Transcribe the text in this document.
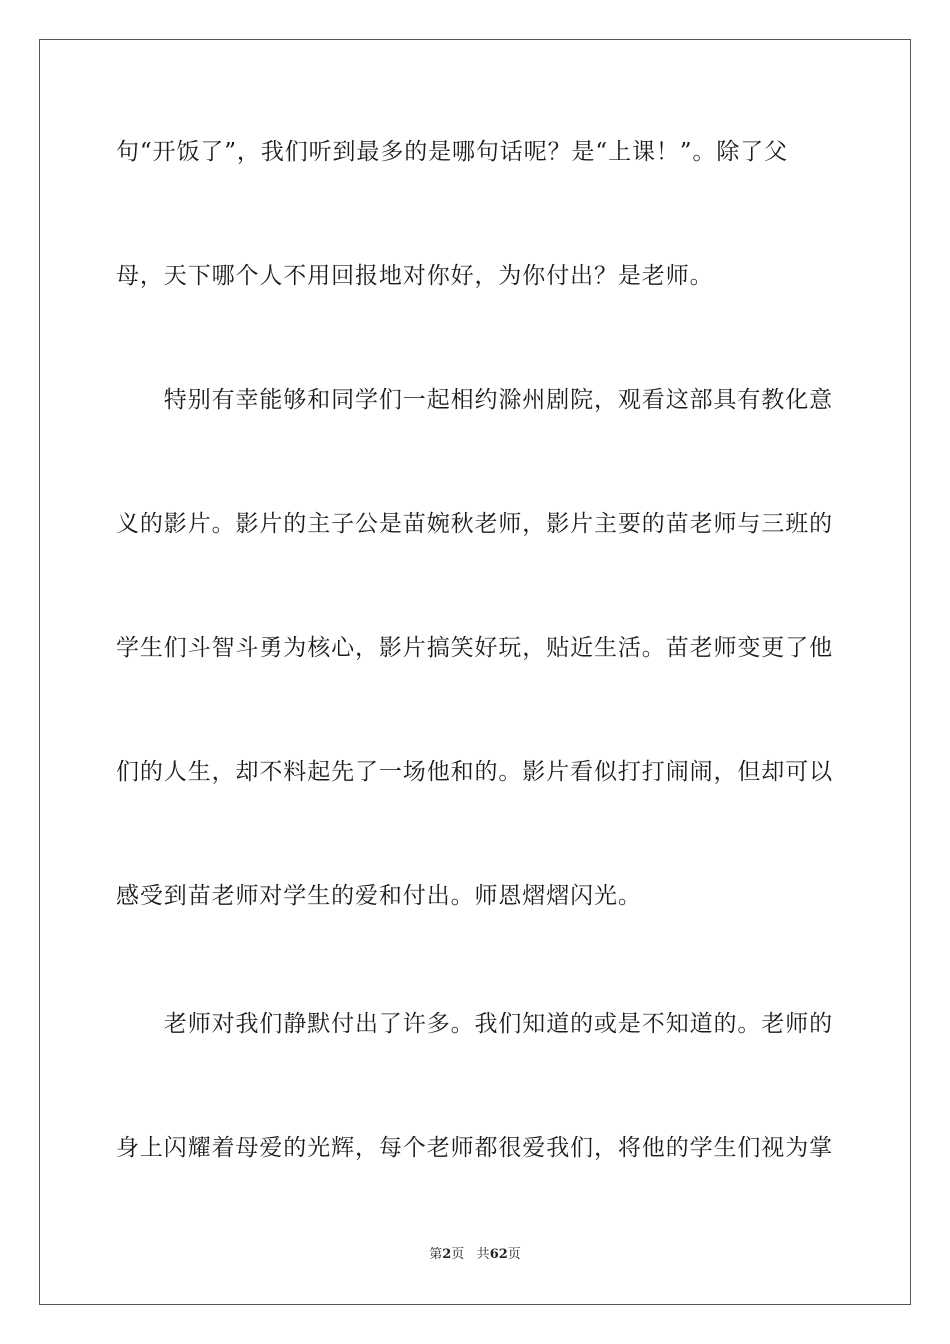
句“开饭了”，我们听到最多的是哪句话呢？是“上课！”。除了父
母，天下哪个人不用回报地对你好，为你付出？是老师。
　　特别有幸能够和同学们一起相约滁州剧院，观看这部具有教化意
义的影片。影片的主子公是苗婉秋老师，影片主要的苗老师与三班的
学生们斗智斗勇为核心，影片搞笑好玩，贴近生活。苗老师变更了他
们的人生，却不料起先了一场他和的。影片看似打打闹闹，但却可以
感受到苗老师对学生的爱和付出。师恩熠熠闪光。
　　老师对我们静默付出了许多。我们知道的或是不知道的。老师的
身上闪耀着母爱的光辉，每个老师都很爱我们，将他的学生们视为掌
第2页 共62页
